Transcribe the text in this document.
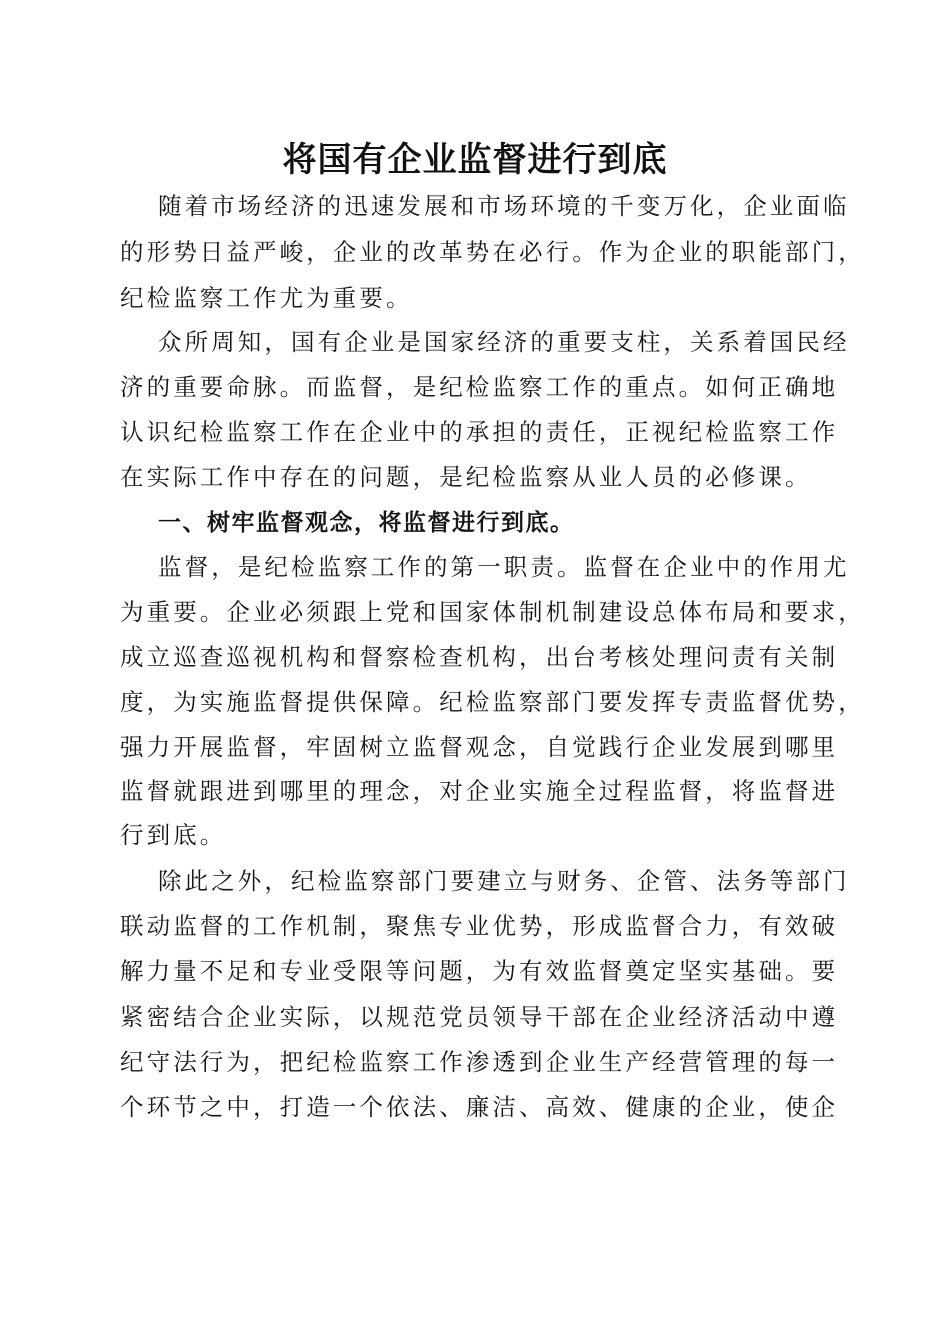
将国有企业监督进行到底
随着市场经济的迅速发展和市场环境的千变万化，企业面临
的形势日益严峻，企业的改革势在必行。作为企业的职能部门，
纪检监察工作尤为重要。
众所周知，国有企业是国家经济的重要支柱，关系着国民经
济的重要命脉。而监督，是纪检监察工作的重点。如何正确地
认识纪检监察工作在企业中的承担的责任，正视纪检监察工作
在实际工作中存在的问题，是纪检监察从业人员的必修课。
一、树牢监督观念，将监督进行到底。
监督，是纪检监察工作的第一职责。监督在企业中的作用尤
为重要。企业必须跟上党和国家体制机制建设总体布局和要求，
成立巡查巡视机构和督察检查机构，出台考核处理问责有关制
度，为实施监督提供保障。纪检监察部门要发挥专责监督优势，
强力开展监督，牢固树立监督观念，自觉践行企业发展到哪里
监督就跟进到哪里的理念，对企业实施全过程监督，将监督进
行到底。
除此之外，纪检监察部门要建立与财务、企管、法务等部门
联动监督的工作机制，聚焦专业优势，形成监督合力，有效破
解力量不足和专业受限等问题，为有效监督奠定坚实基础。要
紧密结合企业实际，以规范党员领导干部在企业经济活动中遵
纪守法行为，把纪检监察工作渗透到企业生产经营管理的每一
个环节之中，打造一个依法、廉洁、高效、健康的企业，使企
